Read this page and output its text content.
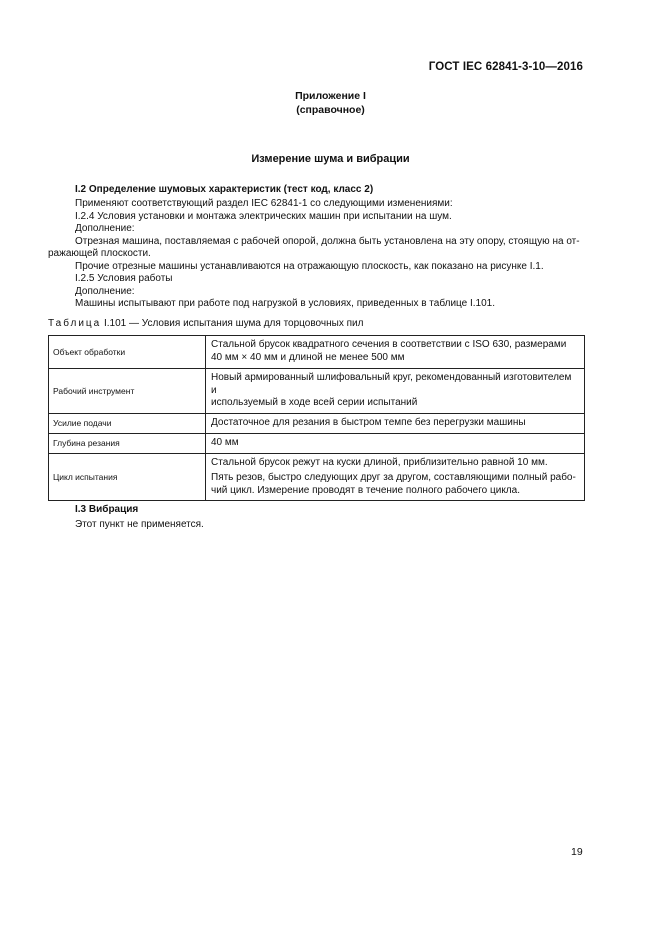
ГОСТ IEC 62841-3-10—2016
Приложение I
(справочное)
Измерение шума и вибрации
I.2 Определение шумовых характеристик (тест код, класс 2)
Применяют соответствующий раздел IEC 62841-1 со следующими изменениями:
I.2.4 Условия установки и монтажа электрических машин при испытании на шум.
Дополнение:
Отрезная машина, поставляемая с рабочей опорой, должна быть установлена на эту опору, стоящую на от-
ражающей плоскости.
Прочие отрезные машины устанавливаются на отражающую плоскость, как показано на рисунке I.1.
I.2.5 Условия работы
Дополнение:
Машины испытывают при работе под нагрузкой в условиях, приведенных в таблице I.101.
Таблица I.101 — Условия испытания шума для торцовочных пил
Объект обработки	Стальной брусок квадратного сечения в соответствии с ISO 630, размерами
40 мм × 40 мм и длиной не менее 500 мм

Рабочий инструмент	Новый армированный шлифовальный круг, рекомендованный изготовителем и
используемый в ходе всей серии испытаний

Усилие подачи	Достаточное для резания в быстром темпе без перегрузки машины

Глубина резания	40 мм

Цикл испытания	Стальной брусок режут на куски длиной, приблизительно равной 10 мм.
Пять резов, быстро следующих друг за другом, составляющими полный рабо-
чий цикл. Измерение проводят в течение полного рабочего цикла.
I.3 Вибрация
Этот пункт не применяется.
19
